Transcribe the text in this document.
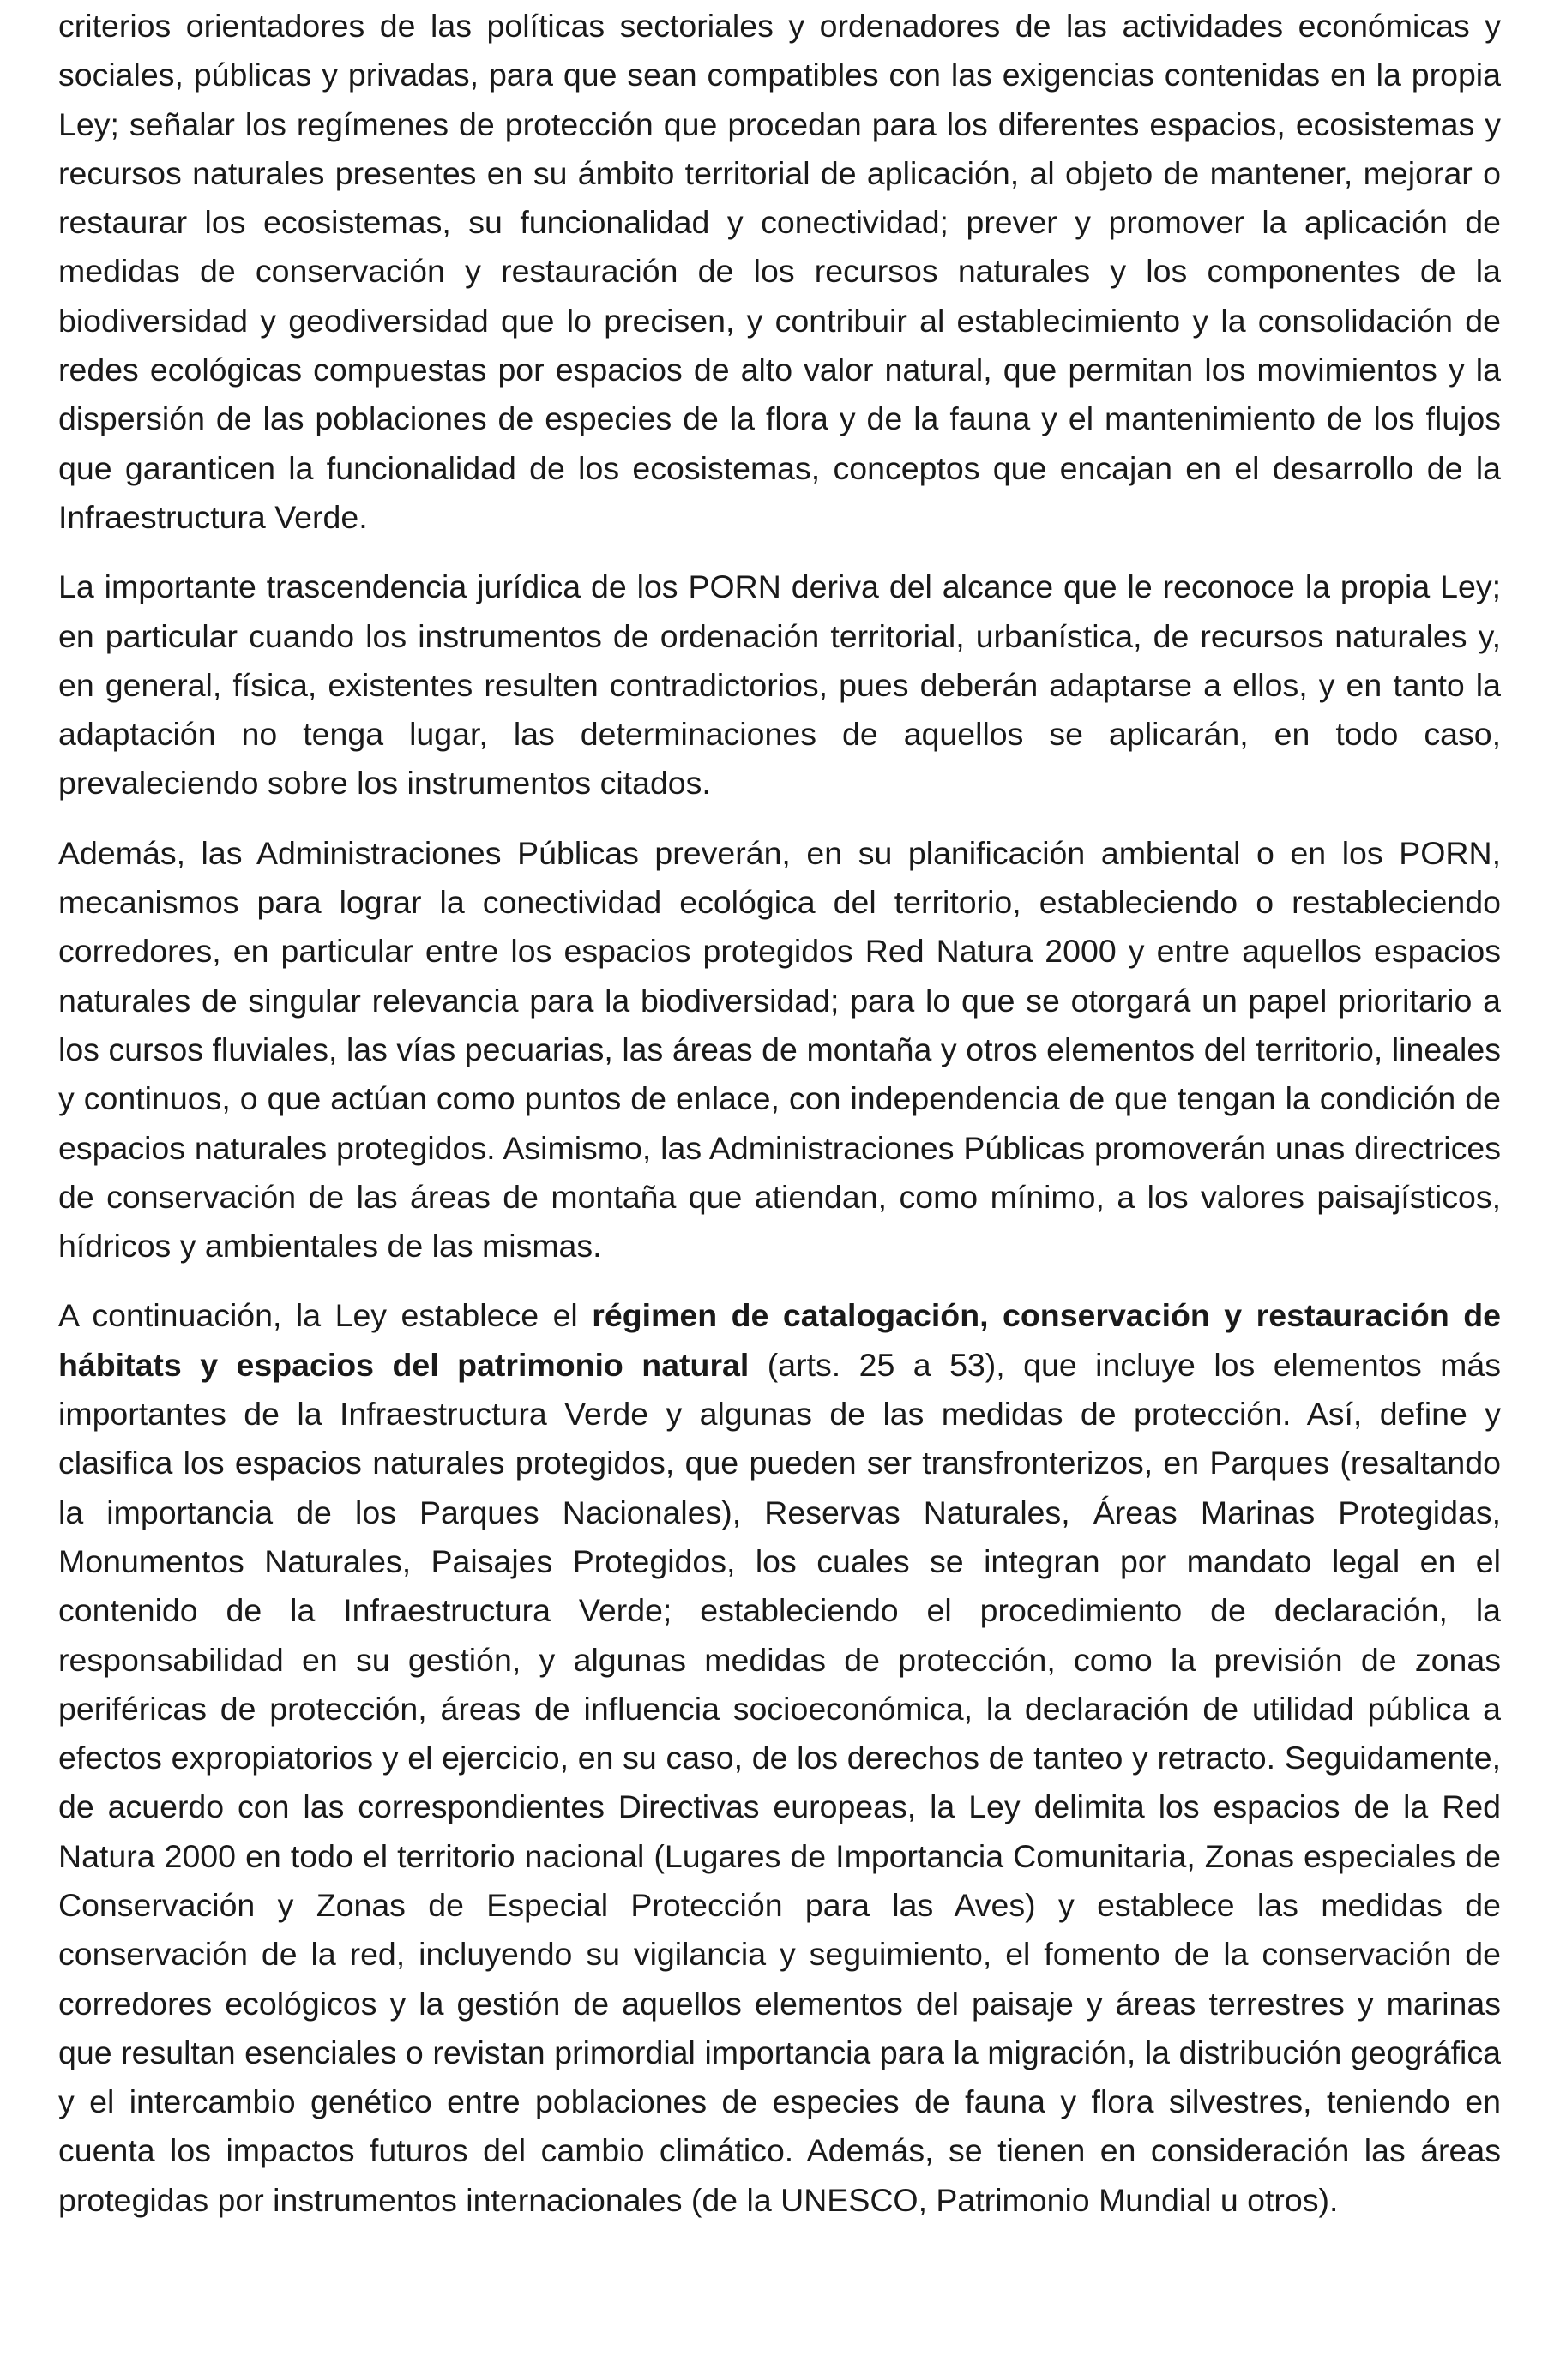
criterios orientadores de las políticas sectoriales y ordenadores de las actividades económicas y sociales, públicas y privadas, para que sean compatibles con las exigencias contenidas en la propia Ley; señalar los regímenes de protección que procedan para los diferentes espacios, ecosistemas y recursos naturales presentes en su ámbito territorial de aplicación, al objeto de mantener, mejorar o restaurar los ecosistemas, su funcionalidad y conectividad; prever y promover la aplicación de medidas de conservación y restauración de los recursos naturales y los componentes de la biodiversidad y geodiversidad que lo precisen, y contribuir al establecimiento y la consolidación de redes ecológicas compuestas por espacios de alto valor natural, que permitan los movimientos y la dispersión de las poblaciones de especies de la flora y de la fauna y el mantenimiento de los flujos que garanticen la funcionalidad de los ecosistemas, conceptos que encajan en el desarrollo de la Infraestructura Verde.

La importante trascendencia jurídica de los PORN deriva del alcance que le reconoce la propia Ley; en particular cuando los instrumentos de ordenación territorial, urbanística, de recursos naturales y, en general, física, existentes resulten contradictorios, pues deberán adaptarse a ellos, y en tanto la adaptación no tenga lugar, las determinaciones de aquellos se aplicarán, en todo caso, prevaleciendo sobre los instrumentos citados.

Además, las Administraciones Públicas preverán, en su planificación ambiental o en los PORN, mecanismos para lograr la conectividad ecológica del territorio, estableciendo o restableciendo corredores, en particular entre los espacios protegidos Red Natura 2000 y entre aquellos espacios naturales de singular relevancia para la biodiversidad; para lo que se otorgará un papel prioritario a los cursos fluviales, las vías pecuarias, las áreas de montaña y otros elementos del territorio, lineales y continuos, o que actúan como puntos de enlace, con independencia de que tengan la condición de espacios naturales protegidos. Asimismo, las Administraciones Públicas promoverán unas directrices de conservación de las áreas de montaña que atiendan, como mínimo, a los valores paisajísticos, hídricos y ambientales de las mismas.

A continuación, la Ley establece el régimen de catalogación, conservación y restauración de hábitats y espacios del patrimonio natural (arts. 25 a 53), que incluye los elementos más importantes de la Infraestructura Verde y algunas de las medidas de protección. Así, define y clasifica los espacios naturales protegidos, que pueden ser transfronterizos, en Parques (resaltando la importancia de los Parques Nacionales), Reservas Naturales, Áreas Marinas Protegidas, Monumentos Naturales, Paisajes Protegidos, los cuales se integran por mandato legal en el contenido de la Infraestructura Verde; estableciendo el procedimiento de declaración, la responsabilidad en su gestión, y algunas medidas de protección, como la previsión de zonas periféricas de protección, áreas de influencia socioeconómica, la declaración de utilidad pública a efectos expropiatorios y el ejercicio, en su caso, de los derechos de tanteo y retracto. Seguidamente, de acuerdo con las correspondientes Directivas europeas, la Ley delimita los espacios de la Red Natura 2000 en todo el territorio nacional (Lugares de Importancia Comunitaria, Zonas especiales de Conservación y Zonas de Especial Protección para las Aves) y establece las medidas de conservación de la red, incluyendo su vigilancia y seguimiento, el fomento de la conservación de corredores ecológicos y la gestión de aquellos elementos del paisaje y áreas terrestres y marinas que resultan esenciales o revistan primordial importancia para la migración, la distribución geográfica y el intercambio genético entre poblaciones de especies de fauna y flora silvestres, teniendo en cuenta los impactos futuros del cambio climático. Además, se tienen en consideración las áreas protegidas por instrumentos internacionales (de la UNESCO, Patrimonio Mundial u otros).
